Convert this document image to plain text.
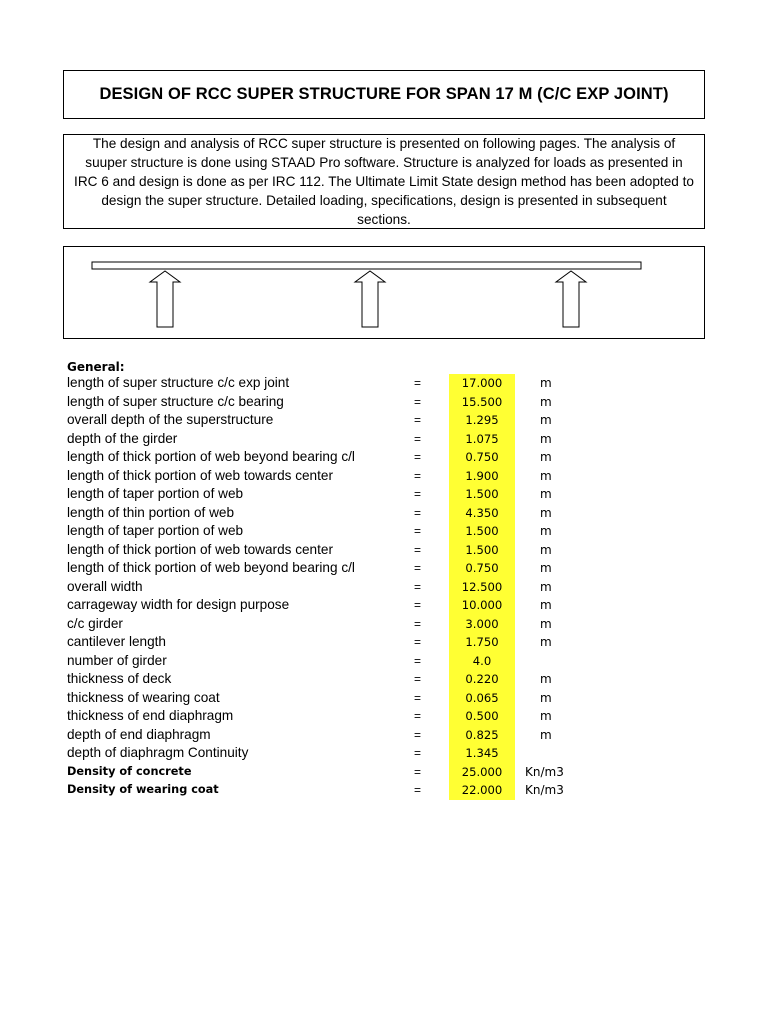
DESIGN OF RCC SUPER STRUCTURE FOR SPAN 17 M (C/C EXP JOINT)
The design and analysis of RCC super structure is presented on following pages. The analysis of suuper structure is done using STAAD Pro software. Structure is analyzed for loads as presented in IRC 6 and design is done as per IRC 112. The Ultimate Limit State design method has been adopted to design the super structure. Detailed loading, specifications, design is presented in subsequent sections.
General:
length of super structure c/c exp joint	=	17.000	m
length of super structure c/c bearing	=	15.500	m
overall depth of the superstructure	=	1.295	m
depth of the girder	=	1.075	m
length of thick portion of web beyond bearing c/l	=	0.750	m
length of thick portion of web towards center	=	1.900	m
length of taper portion of web	=	1.500	m
length of thin portion of web	=	4.350	m
length of taper portion of web	=	1.500	m
length of thick portion of web towards center	=	1.500	m
length of thick portion of web beyond bearing c/l	=	0.750	m
overall width	=	12.500	m
carrageway width for design purpose	=	10.000	m
c/c girder	=	3.000	m
cantilever length	=	1.750	m
number of girder	=	4.0
thickness of deck	=	0.220	m
thickness of wearing coat	=	0.065	m
thickness of end diaphragm	=	0.500	m
depth of end diaphragm	=	0.825	m
depth of diaphragm Continuity	=	1.345
Density of concrete	=	25.000	Kn/m3
Density of wearing coat	=	22.000	Kn/m3
